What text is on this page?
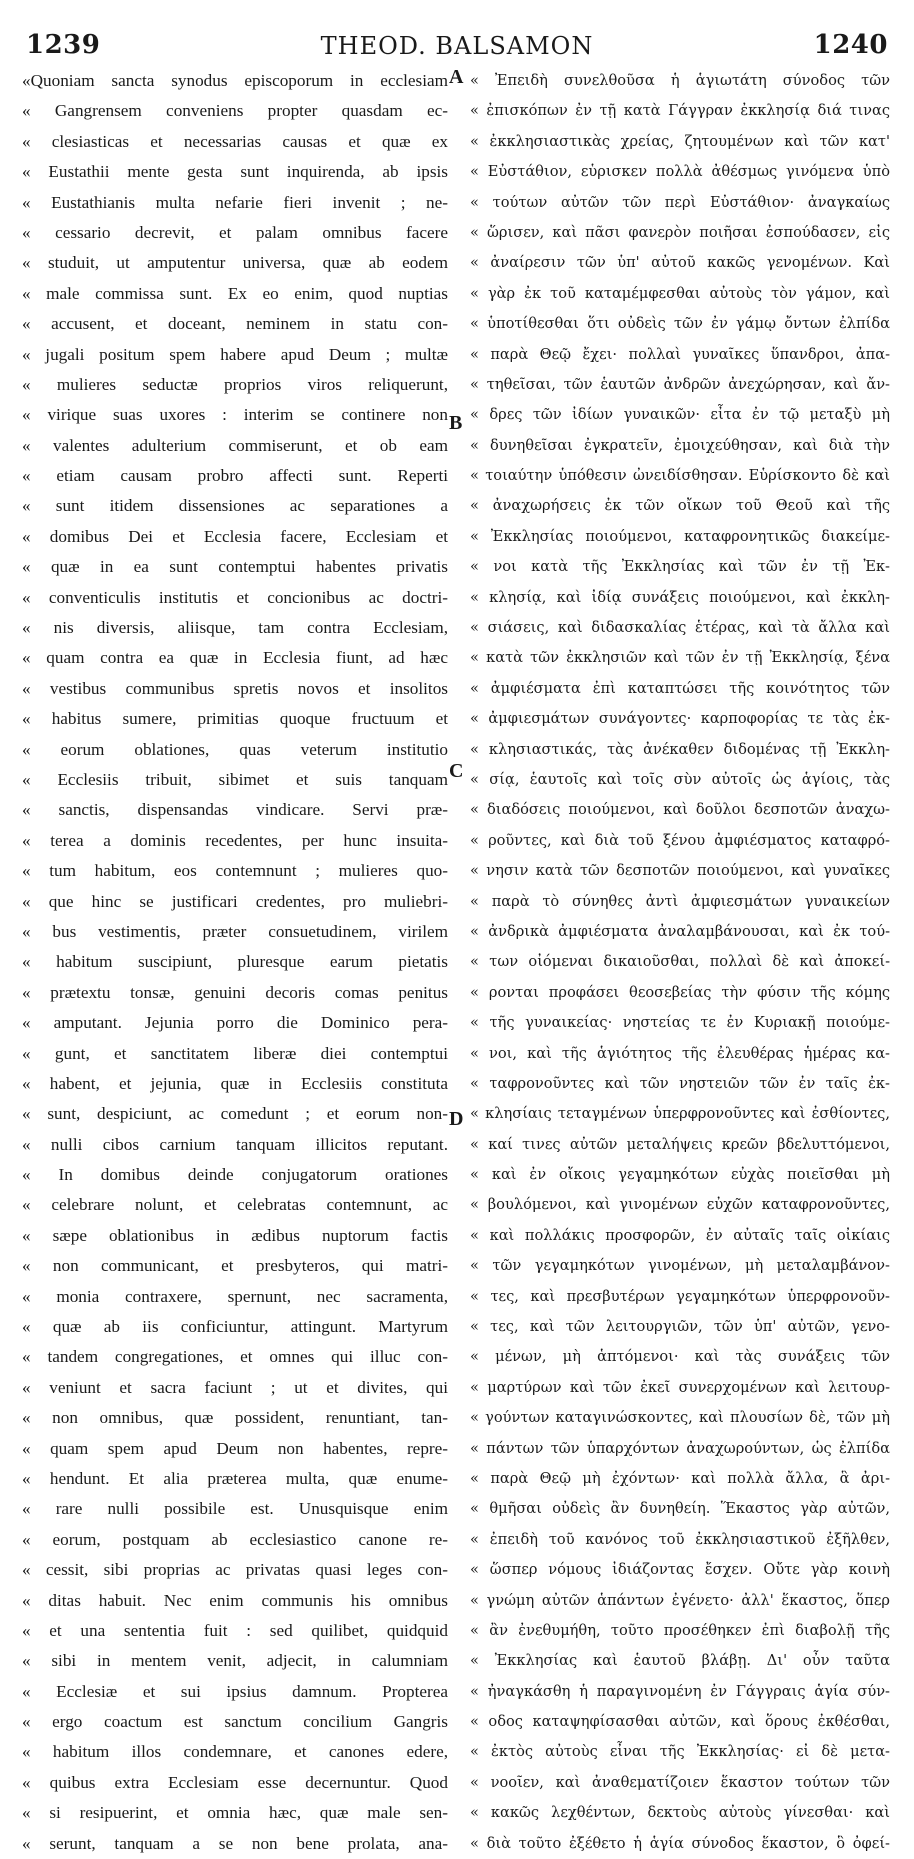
1239	THEOD. BALSAMON	1240
«Quoniam sancta synodus episcoporum in ecclesiam
« Gangrensem conveniens propter quasdam ec-
« clesiasticas et necessarias causas et quæ ex
« Eustathii mente gesta sunt inquirenda, ab ipsis
« Eustathianis multa nefarie fieri invenit ; ne-
« cessario decrevit, et palam omnibus facere
« studuit, ut amputentur universa, quæ ab eodem
« male commissa sunt. Ex eo enim, quod nuptias
« accusent, et doceant, neminem in statu con-
« jugali positum spem habere apud Deum ; multæ
« mulieres seductæ proprios viros reliquerunt,
« virique suas uxores : interim se continere non
« valentes adulterium commiserunt, et ob eam
« etiam causam probro affecti sunt. Reperti
« sunt itidem dissensiones ac separationes a
« domibus Dei et Ecclesia facere, Ecclesiam et
« quæ in ea sunt contemptui habentes privatis
« conventiculis institutis et concionibus ac doctri-
« nis diversis, aliisque, tam contra Ecclesiam,
« quam contra ea quæ in Ecclesia fiunt, ad hæc
« vestibus communibus spretis novos et insolitos
« habitus sumere, primitias quoque fructuum et
« eorum oblationes, quas veterum institutio
« Ecclesiis tribuit, sibimet et suis tanquam
« sanctis, dispensandas vindicare. Servi præ-
« terea a dominis recedentes, per hunc insuita-
« tum habitum, eos contemnunt ; mulieres quo-
« que hinc se justificari credentes, pro muliebri-
« bus vestimentis, præter consuetudinem, virilem
« habitum suscipiunt, pluresque earum pietatis
« prætextu tonsæ, genuini decoris comas penitus
« amputant. Jejunia porro die Dominico pera-
« gunt, et sanctitatem liberæ diei contemptui
« habent, et jejunia, quæ in Ecclesiis constituta
« sunt, despiciunt, ac comedunt ; et eorum non-
« nulli cibos carnium tanquam illicitos reputant.
« In domibus deinde conjugatorum orationes
« celebrare nolunt, et celebratas contemnunt, ac
« sæpe oblationibus in ædibus nuptorum factis
« non communicant, et presbyteros, qui matri-
« monia contraxere, spernunt, nec sacramenta,
« quæ ab iis conficiuntur, attingunt. Martyrum
« tandem congregationes, et omnes qui illuc con-
« veniunt et sacra faciunt ; ut et divites, qui
« non omnibus, quæ possident, renuntiant, tan-
« quam spem apud Deum non habentes, repre-
« hendunt. Et alia præterea multa, quæ enume-
« rare nulli possibile est. Unusquisque enim
« eorum, postquam ab ecclesiastico canone re-
« cessit, sibi proprias ac privatas quasi leges con-
« ditas habuit. Nec enim communis his omnibus
« et una sententia fuit : sed quilibet, quidquid
« sibi in mentem venit, adjecit, in calumniam
« Ecclesiæ et sui ipsius damnum. Propterea
« ergo coactum est sanctum concilium Gangris
« habitum illos condemnare, et canones edere,
« quibus extra Ecclesiam esse decernuntur. Quod
« si resipuerint, et omnia hæc, quæ male sen-
« serunt, tanquam a se non bene prolata, ana-
« Ἐπειδὴ συνελθοῦσα ἡ ἁγιωτάτη σύνοδος τῶν
« ἐπισκόπων ἐν τῇ κατὰ Γάγγραν ἐκκλησίᾳ διά τινας
« ἐκκλησιαστικὰς χρείας, ζητουμένων καὶ τῶν κατ'
« Εὐστάθιον, εὑρισκεν πολλὰ ἀθέσμως γινόμενα ὑπὸ
« τούτων αὐτῶν τῶν περὶ Εὐστάθιον· ἀναγκαίως
« ὥρισεν, καὶ πᾶσι φανερὸν ποιῆσαι ἐσπούδασεν, εἰς
« ἀναίρεσιν τῶν ὑπ' αὐτοῦ κακῶς γενομένων. Καὶ
« γὰρ ἐκ τοῦ καταμέμφεσθαι αὐτοὺς τὸν γάμον, καὶ
« ὑποτίθεσθαι ὅτι οὐδεὶς τῶν ἐν γάμῳ ὄντων ἐλπίδα
« παρὰ Θεῷ ἔχει· πολλαὶ γυναῖκες ὕπανδροι, ἀπα-
« τηθεῖσαι, τῶν ἑαυτῶν ἀνδρῶν ἀνεχώρησαν, καὶ ἄν-
« δρες τῶν ἰδίων γυναικῶν· εἶτα ἐν τῷ μεταξὺ μὴ
« δυνηθεῖσαι ἐγκρατεῖν, ἐμοιχεύθησαν, καὶ διὰ τὴν
« τοιαύτην ὑπόθεσιν ὠνειδίσθησαν. Εὑρίσκοντο δὲ καὶ
« ἀναχωρήσεις ἐκ τῶν οἴκων τοῦ Θεοῦ καὶ τῆς
« Ἐκκλησίας ποιούμενοι, καταφρονητικῶς διακείμε-
« νοι κατὰ τῆς Ἐκκλησίας καὶ τῶν ἐν τῇ Ἐκ-
« κλησίᾳ, καὶ ἰδίᾳ συνάξεις ποιούμενοι, καὶ ἐκκλη-
« σιάσεις, καὶ διδασκαλίας ἑτέρας, καὶ τὰ ἄλλα καὶ
« κατὰ τῶν ἐκκλησιῶν καὶ τῶν ἐν τῇ Ἐκκλησίᾳ, ξένα
« ἀμφιέσματα ἐπὶ καταπτώσει τῆς κοινότητος τῶν
« ἀμφιεσμάτων συνάγοντες· καρποφορίας τε τὰς ἐκ-
« κλησιαστικάς, τὰς ἀνέκαθεν διδομένας τῇ Ἐκκλη-
« σίᾳ, ἑαυτοῖς καὶ τοῖς σὺν αὐτοῖς ὡς ἁγίοις, τὰς
« διαδόσεις ποιούμενοι, καὶ δοῦλοι δεσποτῶν ἀναχω-
« ροῦντες, καὶ διὰ τοῦ ξένου ἀμφιέσματος καταφρό-
« νησιν κατὰ τῶν δεσποτῶν ποιούμενοι, καὶ γυναῖκες
« παρὰ τὸ σύνηθες ἀντὶ ἀμφιεσμάτων γυναικείων
« ἀνδρικὰ ἀμφιέσματα ἀναλαμβάνουσαι, καὶ ἐκ τού-
« των οἰόμεναι δικαιοῦσθαι, πολλαὶ δὲ καὶ ἀποκεί-
« ρονται προφάσει θεοσεβείας τὴν φύσιν τῆς κόμης
« τῆς γυναικείας· νηστείας τε ἐν Κυριακῇ ποιούμε-
« νοι, καὶ τῆς ἁγιότητος τῆς ἐλευθέρας ἡμέρας κα-
« ταφρονοῦντες καὶ τῶν νηστειῶν τῶν ἐν ταῖς ἐκ-
« κλησίαις τεταγμένων ὑπερφρονοῦντες καὶ ἐσθίοντες,
« καί τινες αὐτῶν μεταλήψεις κρεῶν βδελυττόμενοι,
« καὶ ἐν οἴκοις γεγαμηκότων εὐχὰς ποιεῖσθαι μὴ
« βουλόμενοι, καὶ γινομένων εὐχῶν καταφρονοῦντες,
« καὶ πολλάκις προσφορῶν, ἐν αὐταῖς ταῖς οἰκίαις
« τῶν γεγαμηκότων γινομένων, μὴ μεταλαμβάνον-
« τες, καὶ πρεσβυτέρων γεγαμηκότων ὑπερφρονοῦν-
« τες, καὶ τῶν λειτουργιῶν, τῶν ὑπ' αὐτῶν, γενο-
« μένων, μὴ ἁπτόμενοι· καὶ τὰς συνάξεις τῶν
« μαρτύρων καὶ τῶν ἐκεῖ συνερχομένων καὶ λειτουρ-
« γούντων καταγινώσκοντες, καὶ πλουσίων δὲ, τῶν μὴ
« πάντων τῶν ὑπαρχόντων ἀναχωρούντων, ὡς ἐλπίδα
« παρὰ Θεῷ μὴ ἐχόντων· καὶ πολλὰ ἄλλα, ἃ ἀρι-
« θμῆσαι οὐδεὶς ἂν δυνηθείη. Ἕκαστος γὰρ αὐτῶν,
« ἐπειδὴ τοῦ κανόνος τοῦ ἐκκλησιαστικοῦ ἐξῆλθεν,
« ὥσπερ νόμους ἰδιάζοντας ἔσχεν. Οὔτε γὰρ κοινὴ
« γνώμη αὐτῶν ἁπάντων ἐγένετο· ἀλλ' ἕκαστος, ὅπερ
« ἂν ἐνεθυμήθη, τοῦτο προσέθηκεν ἐπὶ διαβολῇ τῆς
« Ἐκκλησίας καὶ ἑαυτοῦ βλάβῃ. Δι' οὖν ταῦτα
« ἠναγκάσθη ἡ παραγινομένη ἐν Γάγγραις ἁγία σύν-
« οδος καταψηφίσασθαι αὐτῶν, καὶ ὅρους ἐκθέσθαι,
« ἐκτὸς αὐτοὺς εἶναι τῆς Ἐκκλησίας· εἰ δὲ μετα-
« νοοῖεν, καὶ ἀναθεματίζοιεν ἕκαστον τούτων τῶν
« κακῶς λεχθέντων, δεκτοὺς αὐτοὺς γίνεσθαι· καὶ
« διὰ τοῦτο ἐξέθετο ἡ ἁγία σύνοδος ἕκαστον, ὃ ὀφεί-
A
B
C
D
